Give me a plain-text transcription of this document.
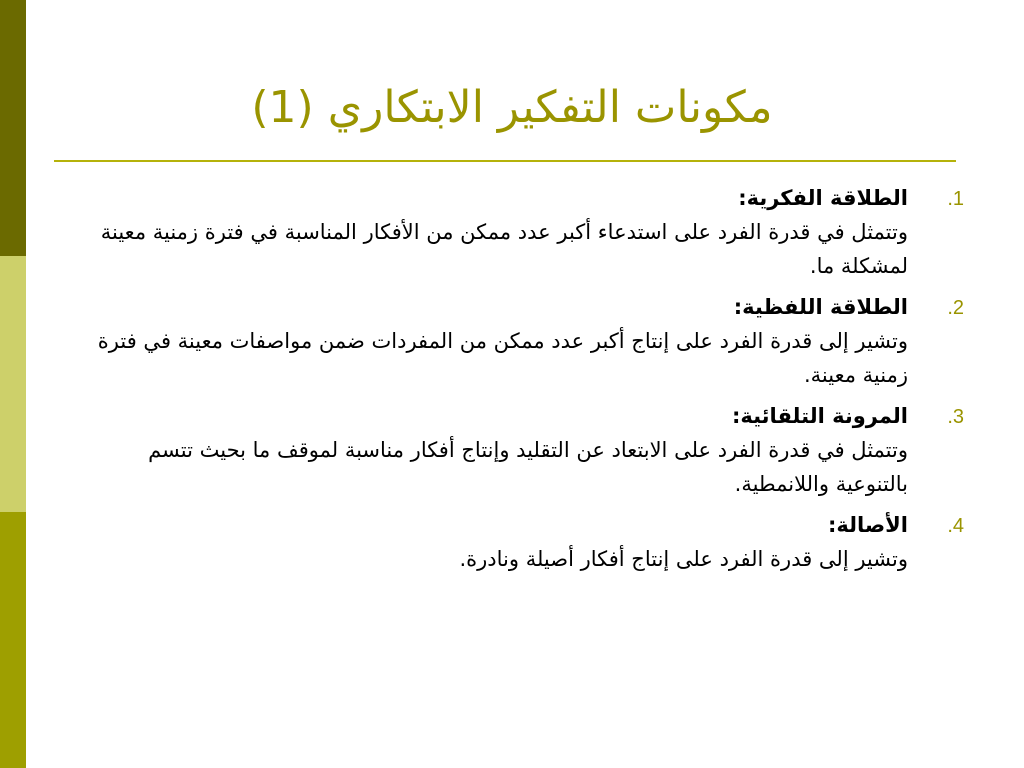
مكونات التفكير الابتكاري (1)
1.
الطلاقة الفكرية:
وتتمثل في قدرة الفرد على استدعاء أكبر عدد ممكن من الأفكار المناسبة في فترة زمنية معينة لمشكلة ما.
2.
الطلاقة اللفظية:
وتشير إلى قدرة الفرد على إنتاج أكبر عدد ممكن من المفردات ضمن مواصفات معينة في فترة زمنية معينة.
3.
المرونة التلقائية:
وتتمثل في قدرة الفرد على الابتعاد عن التقليد وإنتاج أفكار مناسبة لموقف ما بحيث تتسم بالتنوعية واللانمطية.
4.
الأصالة:
وتشير إلى قدرة الفرد على إنتاج أفكار أصيلة ونادرة.
